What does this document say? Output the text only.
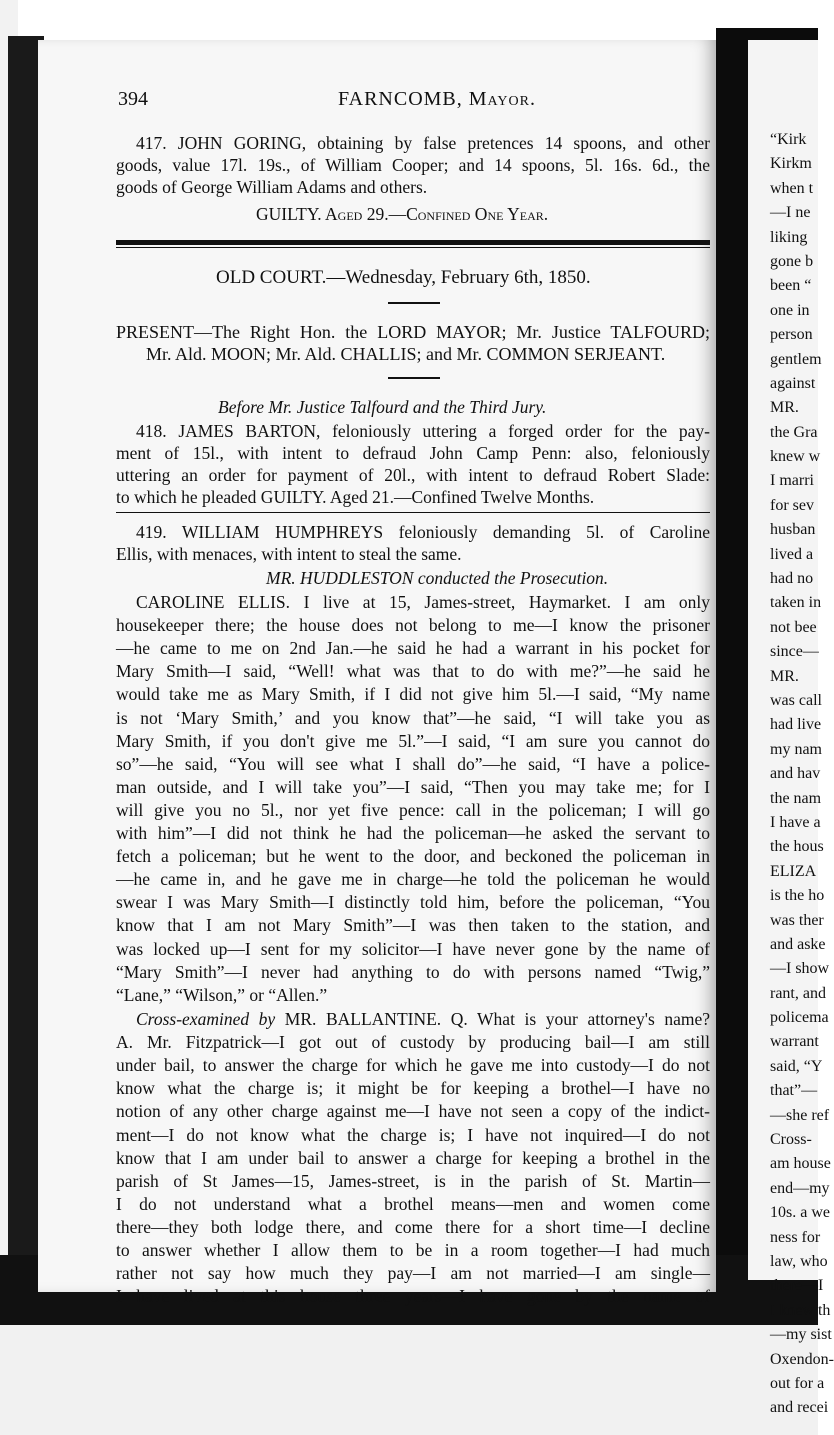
“Kirk
Kirkm
when t
—I ne
liking
gone b
been “
one in
person
gentlem
against
MR.
the Gra
knew w
I marri
for sev
husban
lived a
had no
taken in
not bee
since—
MR.
was call
had live
my nam
and hav
the nam
I have a
the hous
ELIZA
is the ho
was ther
and aske
—I show
rant, and
policema
warrant
said, “Y
that”—
—she ref
Cross-
am house
end—my
10s. a we
ness for
law, who
there—I
I knew th
—my sist
Oxendon-
out for a
and recei
394	FARNCOMB, Mayor.
417. JOHN GORING, obtaining by false pretences 14 spoons, and other
goods, value 17l. 19s., of William Cooper; and 14 spoons, 5l. 16s. 6d., the
goods of George William Adams and others.
GUILTY. Aged 29.—Confined One Year.
OLD COURT.—Wednesday, February 6th, 1850.
PRESENT—The Right Hon. the LORD MAYOR; Mr. Justice TALFOURD;
Mr. Ald. MOON; Mr. Ald. CHALLIS; and Mr. COMMON SERJEANT.
Before Mr. Justice Talfourd and the Third Jury.
418. JAMES BARTON, feloniously uttering a forged order for the pay-
ment of 15l., with intent to defraud John Camp Penn: also, feloniously
uttering an order for payment of 20l., with intent to defraud Robert Slade:
to which he pleaded GUILTY. Aged 21.—Confined Twelve Months.
419. WILLIAM HUMPHREYS feloniously demanding 5l. of Caroline
Ellis, with menaces, with intent to steal the same.
MR. HUDDLESTON conducted the Prosecution.
CAROLINE ELLIS. I live at 15, James-street, Haymarket. I am only
housekeeper there; the house does not belong to me—I know the prisoner
—he came to me on 2nd Jan.—he said he had a warrant in his pocket for
Mary Smith—I said, “Well! what was that to do with me?”—he said he
would take me as Mary Smith, if I did not give him 5l.—I said, “My name
is not ‘Mary Smith,’ and you know that”—he said, “I will take you as
Mary Smith, if you don't give me 5l.”—I said, “I am sure you cannot do
so”—he said, “You will see what I shall do”—he said, “I have a police-
man outside, and I will take you”—I said, “Then you may take me; for I
will give you no 5l., nor yet five pence: call in the policeman; I will go
with him”—I did not think he had the policeman—he asked the servant to
fetch a policeman; but he went to the door, and beckoned the policeman in
—he came in, and he gave me in charge—he told the policeman he would
swear I was Mary Smith—I distinctly told him, before the policeman, “You
know that I am not Mary Smith”—I was then taken to the station, and
was locked up—I sent for my solicitor—I have never gone by the name of
“Mary Smith”—I never had anything to do with persons named “Twig,”
“Lane,” “Wilson,” or “Allen.”
Cross-examined by MR. BALLANTINE. Q. What is your attorney's name?
A. Mr. Fitzpatrick—I got out of custody by producing bail—I am still
under bail, to answer the charge for which he gave me into custody—I do not
know what the charge is; it might be for keeping a brothel—I have no
notion of any other charge against me—I have not seen a copy of the indict-
ment—I do not know what the charge is; I have not inquired—I do not
know that I am under bail to answer a charge for keeping a brothel in the
parish of St James—15, James-street, is in the parish of St. Martin—
I do not understand what a brothel means—men and women come
there—they both lodge there, and come there for a short time—I decline
to answer whether I allow them to be in a room together—I had much
rather not say how much they pay—I am not married—I am single—
I have lived at this house three years—I have gone by the name of
